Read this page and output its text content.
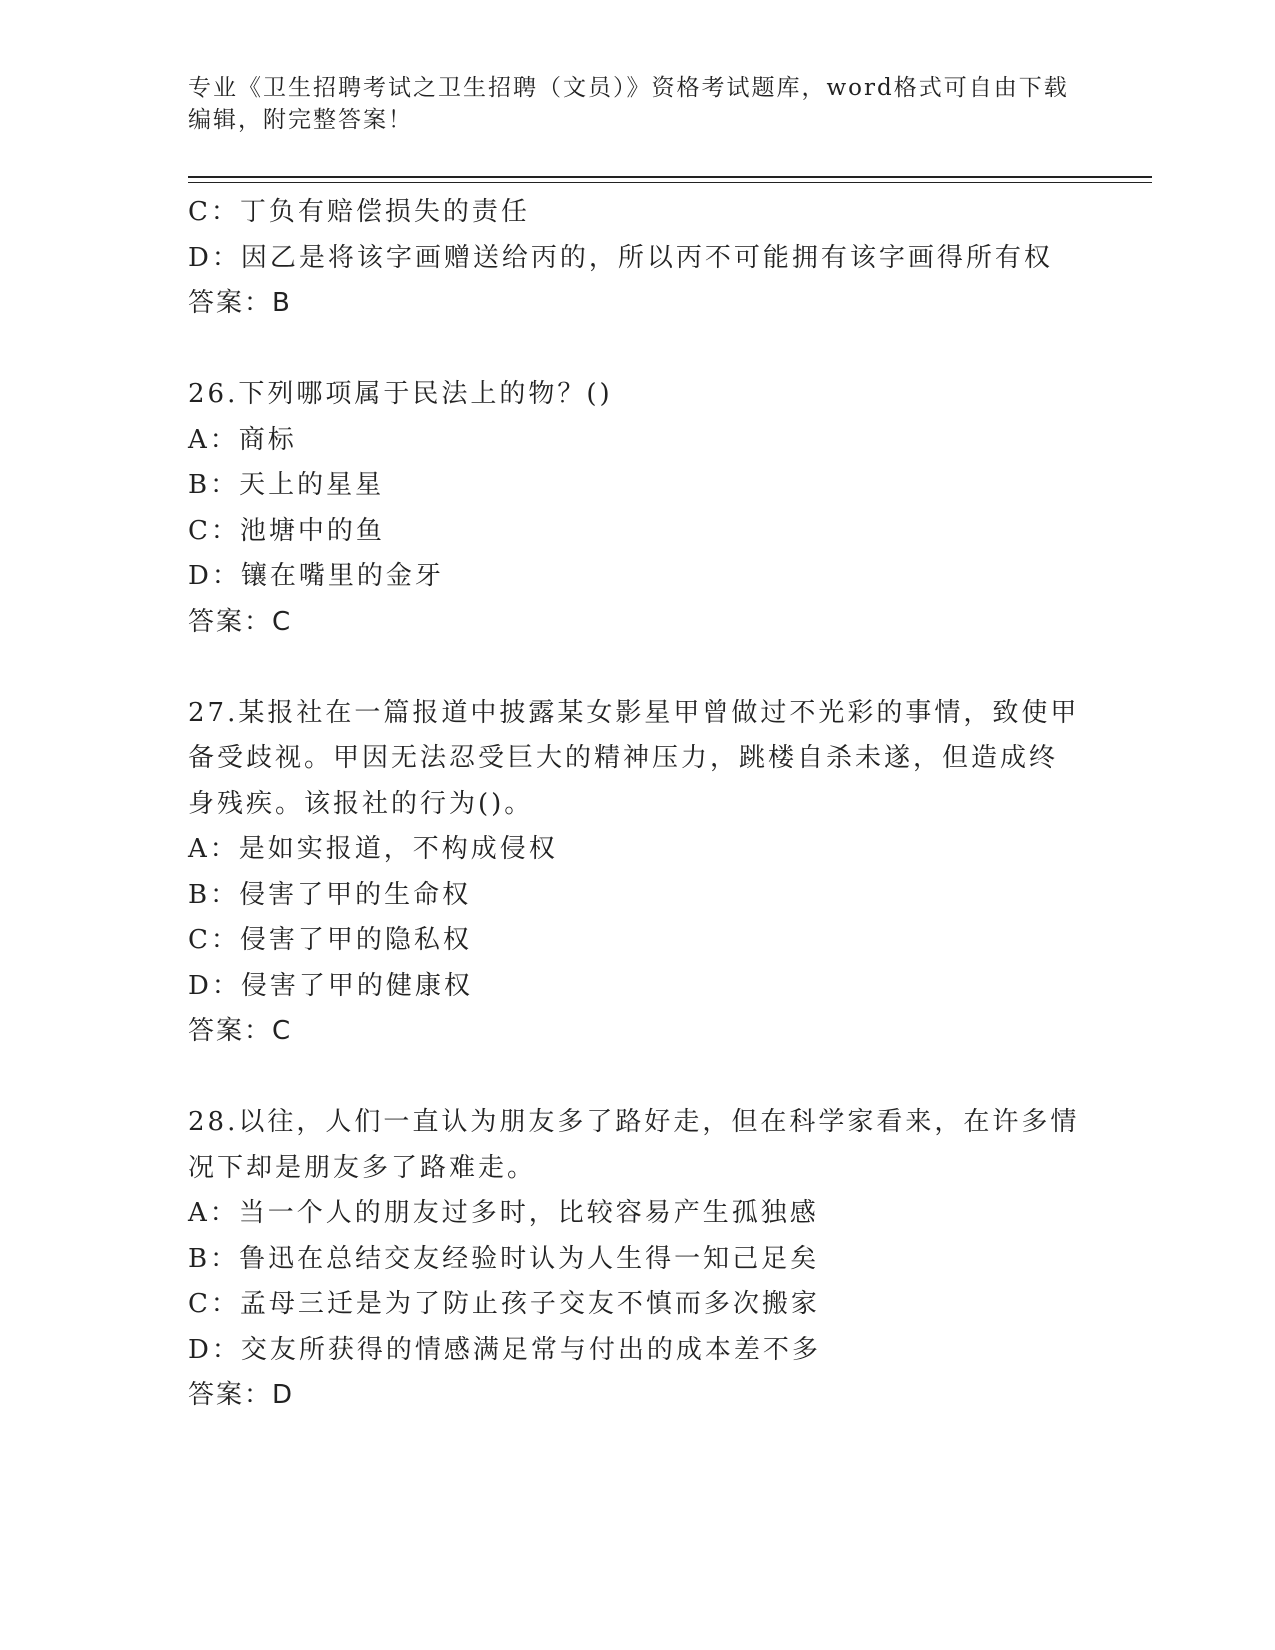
专业《卫生招聘考试之卫生招聘（文员）》资格考试题库，word格式可自由下载
编辑，附完整答案！
C：丁负有赔偿损失的责任
D：因乙是将该字画赠送给丙的，所以丙不可能拥有该字画得所有权
答案：B
26.下列哪项属于民法上的物？()
A：商标
B：天上的星星
C：池塘中的鱼
D：镶在嘴里的金牙
答案：C
27.某报社在一篇报道中披露某女影星甲曾做过不光彩的事情，致使甲
备受歧视。甲因无法忍受巨大的精神压力，跳楼自杀未遂，但造成终
身残疾。该报社的行为()。
A：是如实报道，不构成侵权
B：侵害了甲的生命权
C：侵害了甲的隐私权
D：侵害了甲的健康权
答案：C
28.以往，人们一直认为朋友多了路好走，但在科学家看来，在许多情
况下却是朋友多了路难走。
A：当一个人的朋友过多时，比较容易产生孤独感
B：鲁迅在总结交友经验时认为人生得一知己足矣
C：孟母三迁是为了防止孩子交友不慎而多次搬家
D：交友所获得的情感满足常与付出的成本差不多
答案：D
